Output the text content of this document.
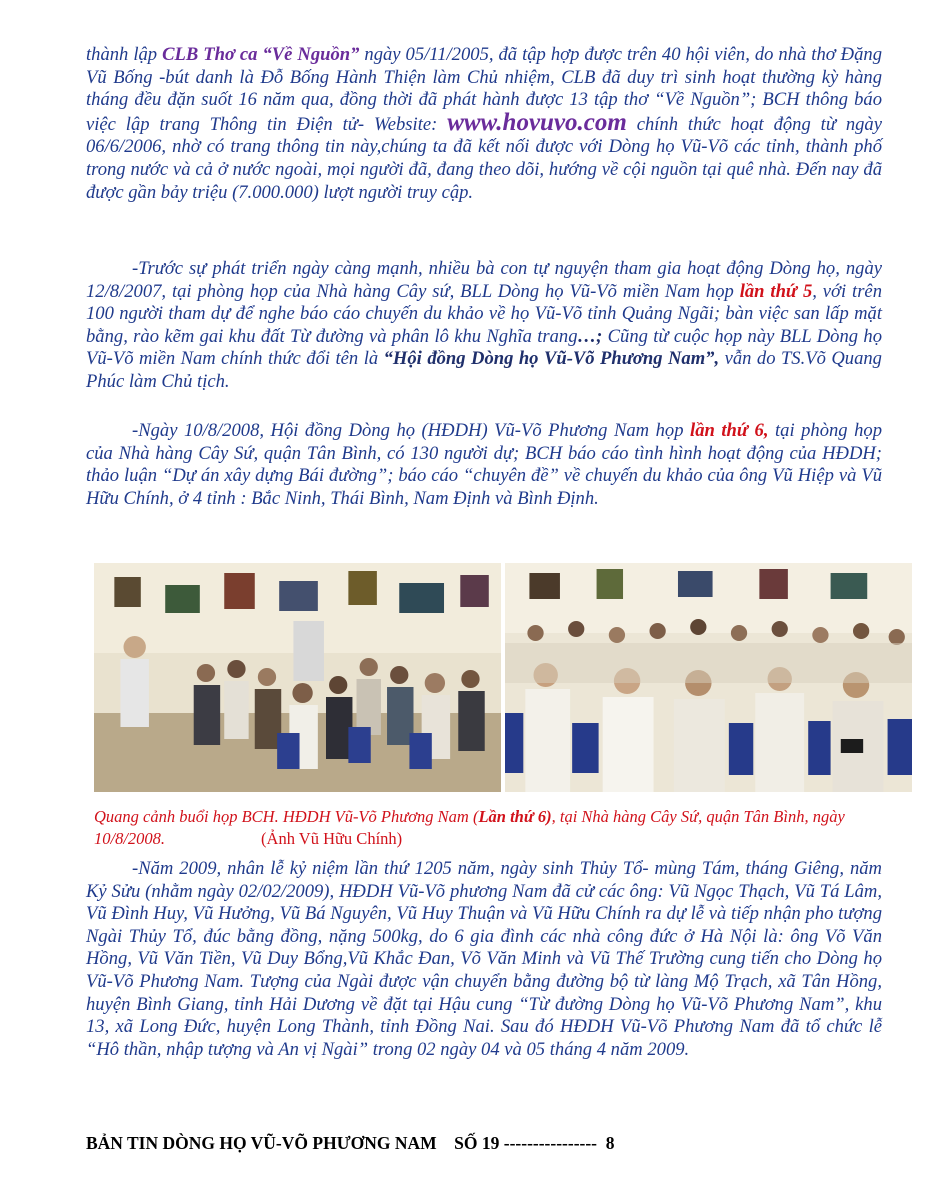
thành lập CLB Thơ ca “Về Nguồn” ngày 05/11/2005, đã tập hợp được trên 40 hội viên, do nhà thơ Đặng Vũ Bống -bút danh là Đỗ Bống Hành Thiện làm Chủ nhiệm, CLB đã duy trì sinh hoạt thường kỳ hàng tháng đều đặn suốt 16 năm qua, đồng thời đã phát hành được 13 tập thơ “Về Nguồn”; BCH thông báo việc lập trang Thông tin Điện tử- Website: www.hovuvo.com chính thức hoạt động từ ngày 06/6/2006, nhờ có trang thông tin này,chúng ta đã kết nối được với Dòng họ Vũ-Võ các tỉnh, thành phố trong nước và cả ở nước ngoài, mọi người đã, đang theo dõi, hướng về cội nguồn tại quê nhà. Đến nay đã được gần bảy triệu (7.000.000) lượt người truy cập.

-Trước sự phát triển ngày càng mạnh, nhiều bà con tự nguyện tham gia hoạt động Dòng họ, ngày 12/8/2007, tại phòng họp của Nhà hàng Cây sứ, BLL Dòng họ Vũ-Võ miền Nam họp lần thứ 5, với trên 100 người tham dự để nghe báo cáo chuyến du khảo về họ Vũ-Võ tỉnh Quảng Ngãi; bàn việc san lấp mặt bằng, rào kẽm gai khu đất Từ đường và phân lô khu Nghĩa trang…; Cũng từ cuộc họp này BLL Dòng họ Vũ-Võ miền Nam chính thức đổi tên là “Hội đồng Dòng họ Vũ-Võ Phương Nam”, vẫn do TS.Võ Quang Phúc làm Chủ tịch.

-Ngày 10/8/2008, Hội đồng Dòng họ (HĐDH) Vũ-Võ Phương Nam họp lần thứ 6, tại phòng họp của Nhà hàng Cây Sứ, quận Tân Bình, có 130 người dự; BCH báo cáo tình hình hoạt động của HĐDH; thảo luận “Dự án xây dựng Bái đường”; báo cáo “chuyên đề” về chuyến du khảo của ông Vũ Hiệp và Vũ Hữu Chính, ở 4 tỉnh : Bắc Ninh, Thái Bình, Nam Định và Bình Định.

Quang cảnh buổi họp BCH. HĐDH Vũ-Võ Phương Nam (Lần thứ 6), tại Nhà hàng Cây Sứ, quận Tân Bình, ngày 10/8/2008.	(Ảnh Vũ Hữu Chính)

-Năm 2009, nhân lễ kỷ niệm lần thứ 1205 năm, ngày sinh Thủy Tổ- mùng Tám, tháng Giêng, năm Kỷ Sửu (nhằm ngày 02/02/2009), HĐDH Vũ-Võ phương Nam đã cử các ông: Vũ Ngọc Thạch, Vũ Tá Lâm, Vũ Đình Huy, Vũ Hưởng, Vũ Bá Nguyên, Vũ Huy Thuận và Vũ Hữu Chính ra dự lễ và tiếp nhận pho tượng Ngài Thủy Tổ, đúc bằng đồng, nặng 500kg, do 6 gia đình các nhà công đức ở Hà Nội là: ông Võ Văn Hồng, Vũ Văn Tiền, Vũ Duy Bổng,Vũ Khắc Đan, Võ Văn Minh và Vũ Thế Trường cung tiến cho Dòng họ Vũ-Võ Phương Nam. Tượng của Ngài được vận chuyển bằng đường bộ từ làng Mộ Trạch, xã Tân Hồng, huyện Bình Giang, tỉnh Hải Dương về đặt tại Hậu cung “Từ đường Dòng họ Vũ-Võ Phương Nam”, khu 13, xã Long Đức, huyện Long Thành, tỉnh Đồng Nai. Sau đó HĐDH Vũ-Võ Phương Nam đã tổ chức lễ “Hô thần, nhập tượng và An vị Ngài” trong 02 ngày 04 và 05 tháng 4 năm 2009.

BẢN TIN DÒNG HỌ VŨ-VÕ PHƯƠNG NAM SỐ 19 ---------------- 8
